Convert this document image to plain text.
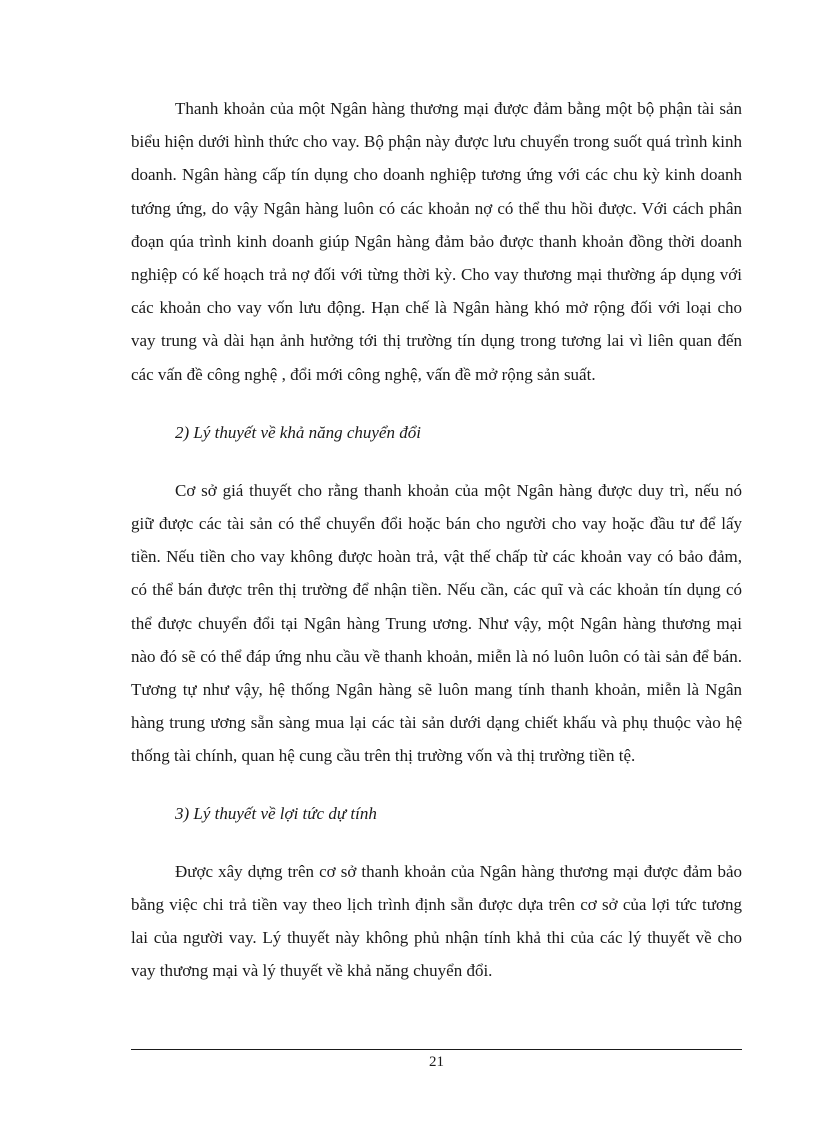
Thanh khoản của một Ngân hàng thương mại được đảm bằng một bộ phận tài sản biểu hiện dưới hình thức cho vay. Bộ phận này được lưu chuyển trong suốt quá trình kinh doanh. Ngân hàng cấp tín dụng cho doanh nghiệp tương ứng với các chu kỳ kinh doanh tướng ứng, do vậy Ngân hàng luôn có các khoản nợ có thể thu hồi được. Với cách phân đoạn qúa trình kinh doanh giúp Ngân hàng đảm bảo được thanh khoản đồng thời doanh nghiệp có kế hoạch trả nợ đối với từng thời kỳ. Cho vay thương mại thường áp dụng với các khoản cho vay vốn lưu động. Hạn chế là Ngân hàng khó mở rộng đối với loại cho vay trung và dài hạn ảnh hưởng tới thị trường tín dụng trong tương lai vì liên quan đến các vấn đề công nghệ , đổi mới công nghệ, vấn đề mở rộng sản suất.

2) Lý thuyết về khả năng chuyển đổi

Cơ sở giá thuyết cho rằng thanh khoản của một Ngân hàng được duy trì, nếu nó giữ được các tài sản có thể chuyển đổi hoặc bán cho người cho vay hoặc đầu tư để lấy tiền. Nếu tiền cho vay không được hoàn trả, vật thế chấp từ các khoản vay có bảo đảm, có thể bán được trên thị trường để nhận tiền. Nếu cần, các quĩ và các khoản tín dụng có thể được chuyển đổi tại Ngân hàng Trung ương. Như vậy, một Ngân hàng thương mại nào đó sẽ có thể đáp ứng nhu cầu về thanh khoản, miễn là nó luôn luôn có tài sản để bán. Tương tự như vậy, hệ thống Ngân hàng sẽ luôn mang tính thanh khoản, miễn là Ngân hàng trung ương sẵn sàng mua lại các tài sản dưới dạng chiết khấu và phụ thuộc vào hệ thống tài chính, quan hệ cung cầu trên thị trường vốn và thị trường tiền tệ.

3) Lý thuyết về lợi tức dự tính

Được xây dựng trên cơ sở thanh khoản của Ngân hàng thương mại được đảm bảo bằng việc chi trả tiền vay theo lịch trình định sẵn được dựa trên cơ sở của lợi tức tương lai của người vay. Lý thuyết này không phủ nhận tính khả thi của các lý thuyết về cho vay thương mại và lý thuyết về khả năng chuyển đổi.

21
